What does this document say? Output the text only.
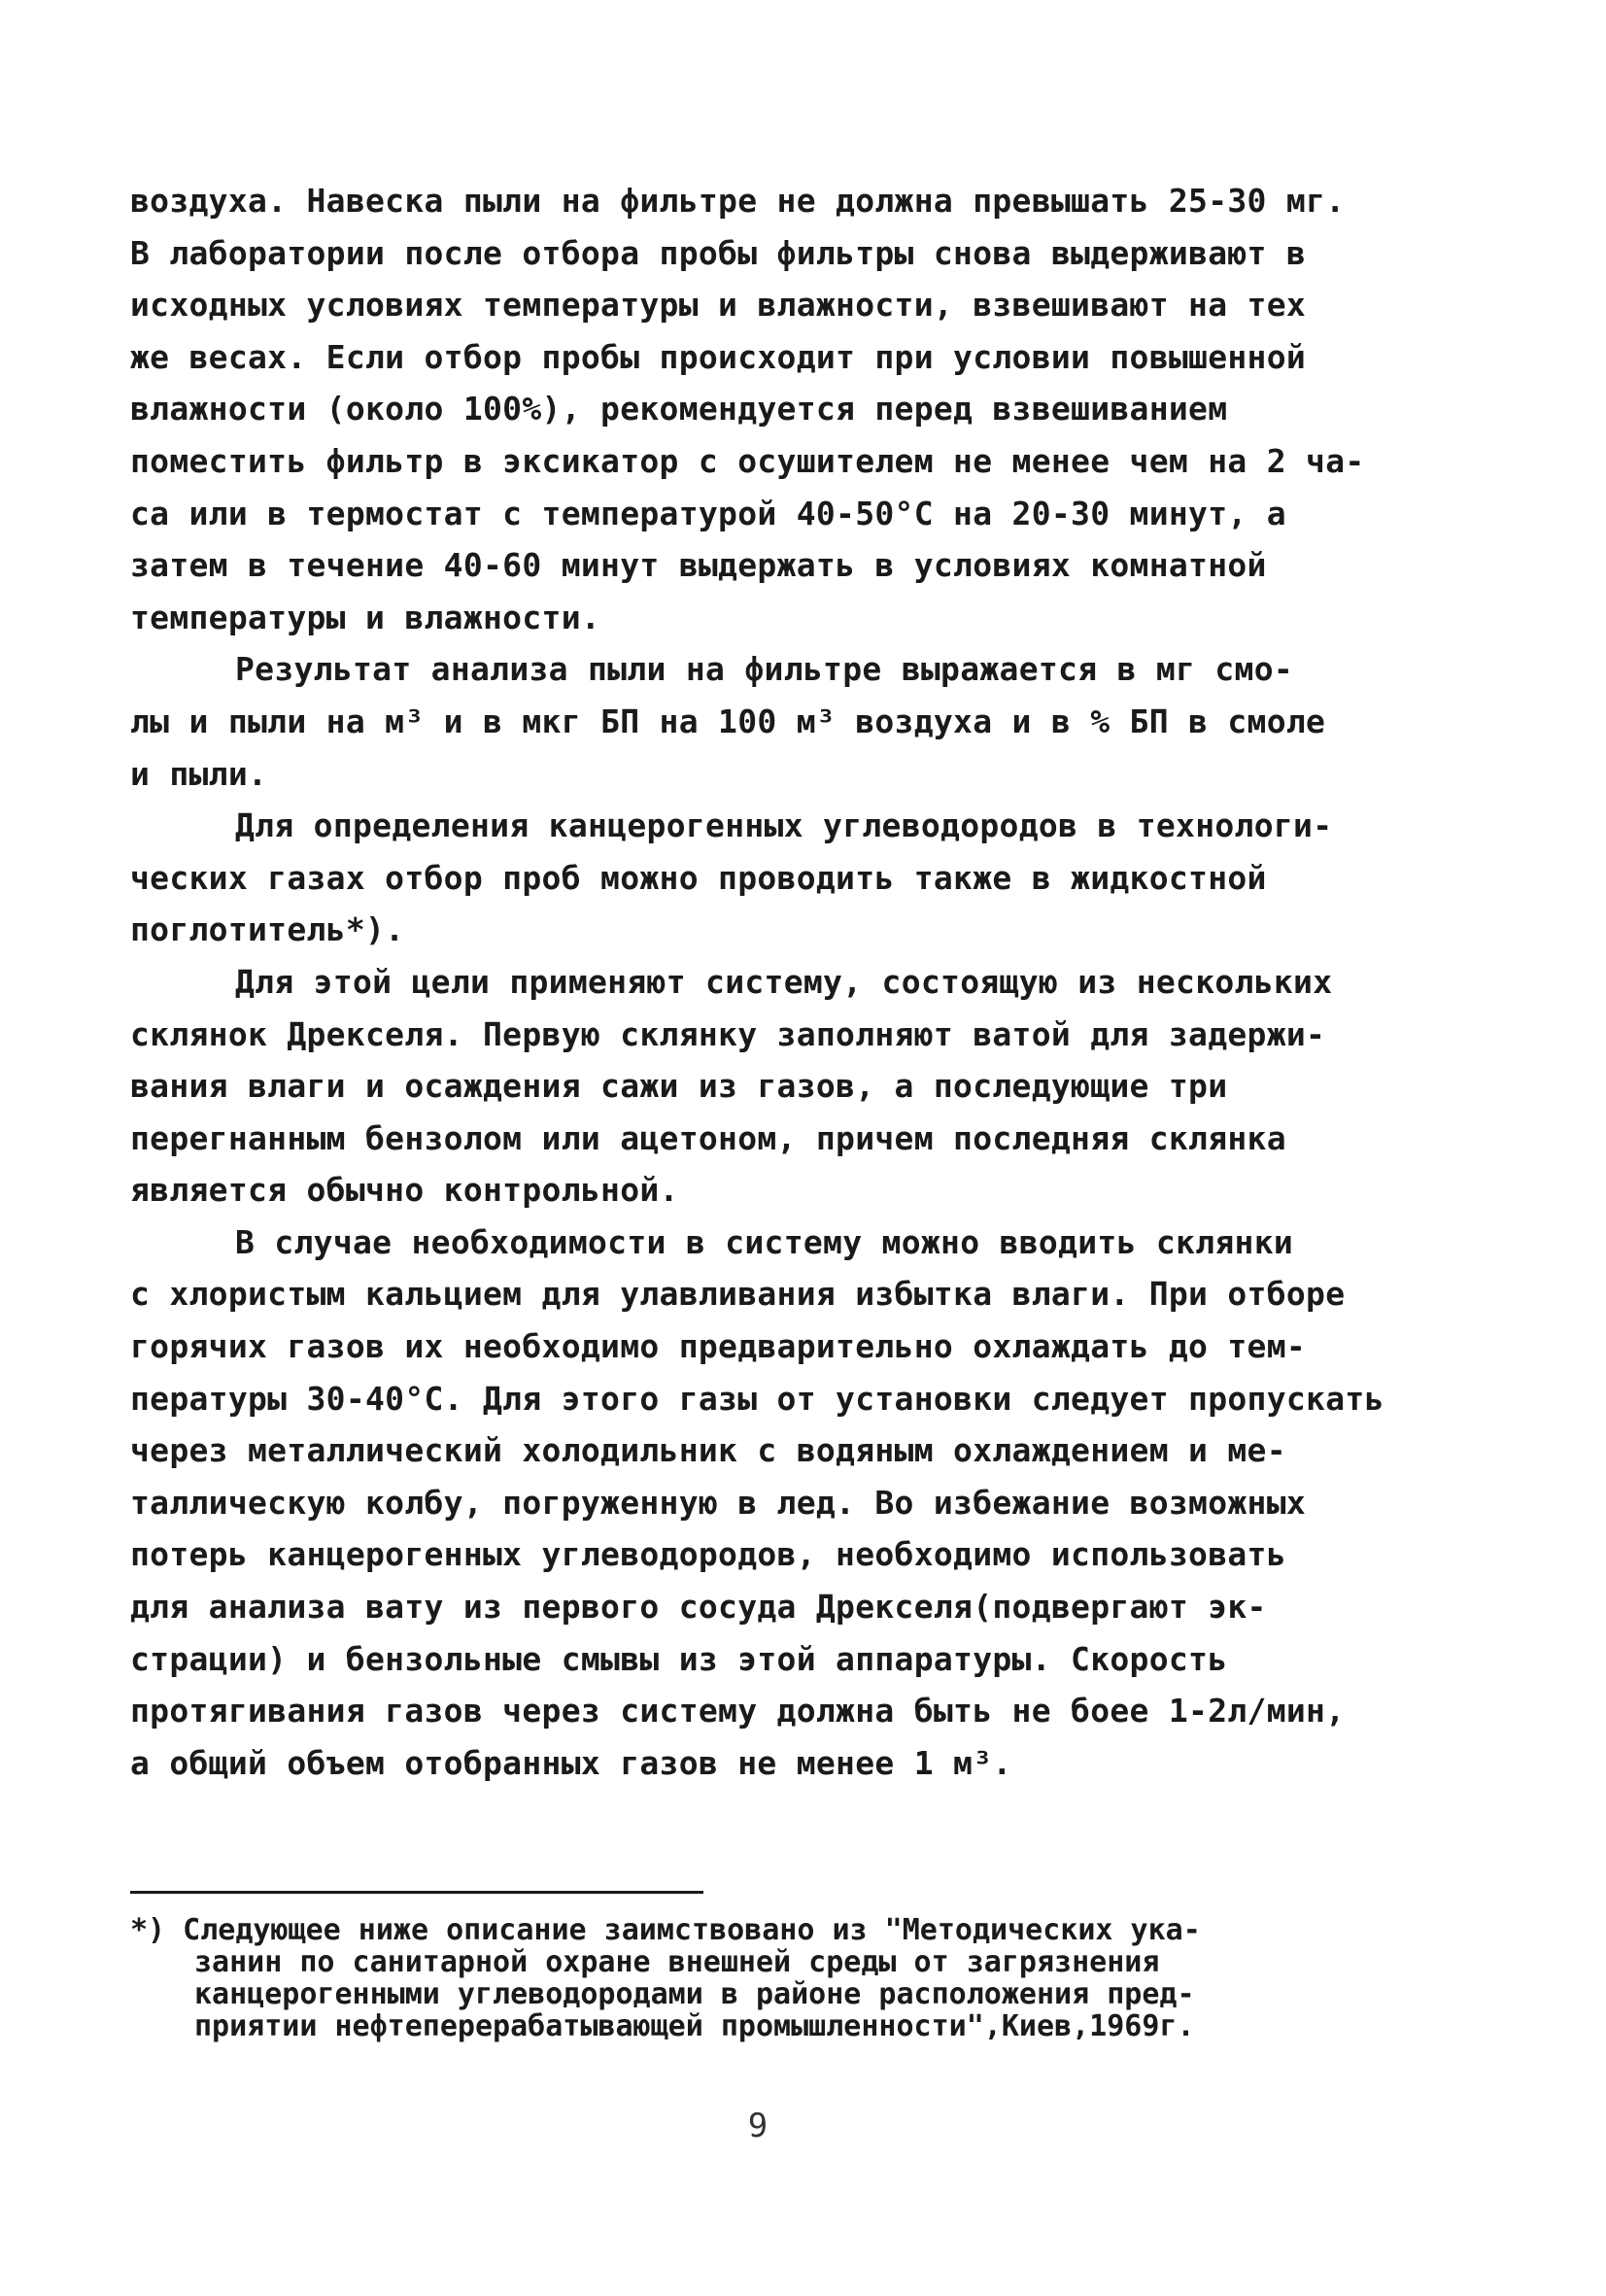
воздуха. Навеска пыли на фильтре не должна превышать 25-30 мг.
В лаборатории после отбора пробы фильтры снова выдерживают в
исходных условиях температуры и влажности, взвешивают на тех
же весах. Если отбор пробы происходит при условии повышенной
влажности (около 100%), рекомендуется перед взвешиванием
поместить фильтр в эксикатор с осушителем не менее чем на 2 ча-
са или в термостат с температурой 40-50°С на 20-30 минут, а
затем в течение 40-60 минут выдержать в условиях комнатной
температуры и влажности.
Результат анализа пыли на фильтре выражается в мг смо-
лы и пыли на м³ и в мкг БП на 100 м³ воздуха и в % БП в смоле
и пыли.
Для определения канцерогенных углеводородов в технологи-
ческих газах отбор проб можно проводить также в жидкостной
поглотитель*).
Для этой цели применяют систему, состоящую из нескольких
склянок Дрекселя. Первую склянку заполняют ватой для задержи-
вания влаги и осаждения сажи из газов, а последующие три
перегнанным бензолом или ацетоном, причем последняя склянка
является обычно контрольной.
В случае необходимости в систему можно вводить склянки
с хлористым кальцием для улавливания избытка влаги. При отборе
горячих газов их необходимо предварительно охлаждать до тем-
пературы 30-40°С. Для этого газы от установки следует пропускать
через металлический холодильник с водяным охлаждением и ме-
таллическую колбу, погруженную в лед. Во избежание возможных
потерь канцерогенных углеводородов, необходимо использовать
для анализа вату из первого сосуда Дрекселя(подвергают эк-
страции) и бензольные смывы из этой аппаратуры. Скорость
протягивания газов через систему должна быть не боее 1-2л/мин,
а общий объем отобранных газов не менее 1 м³.
*) Следующее ниже описание заимствовано из "Методических ука-
занин по санитарной охране внешней среды от загрязнения
канцерогенными углеводородами в районе расположения пред-
приятии нефтеперерабатывающей промышленности",Киев,1969г.
9
